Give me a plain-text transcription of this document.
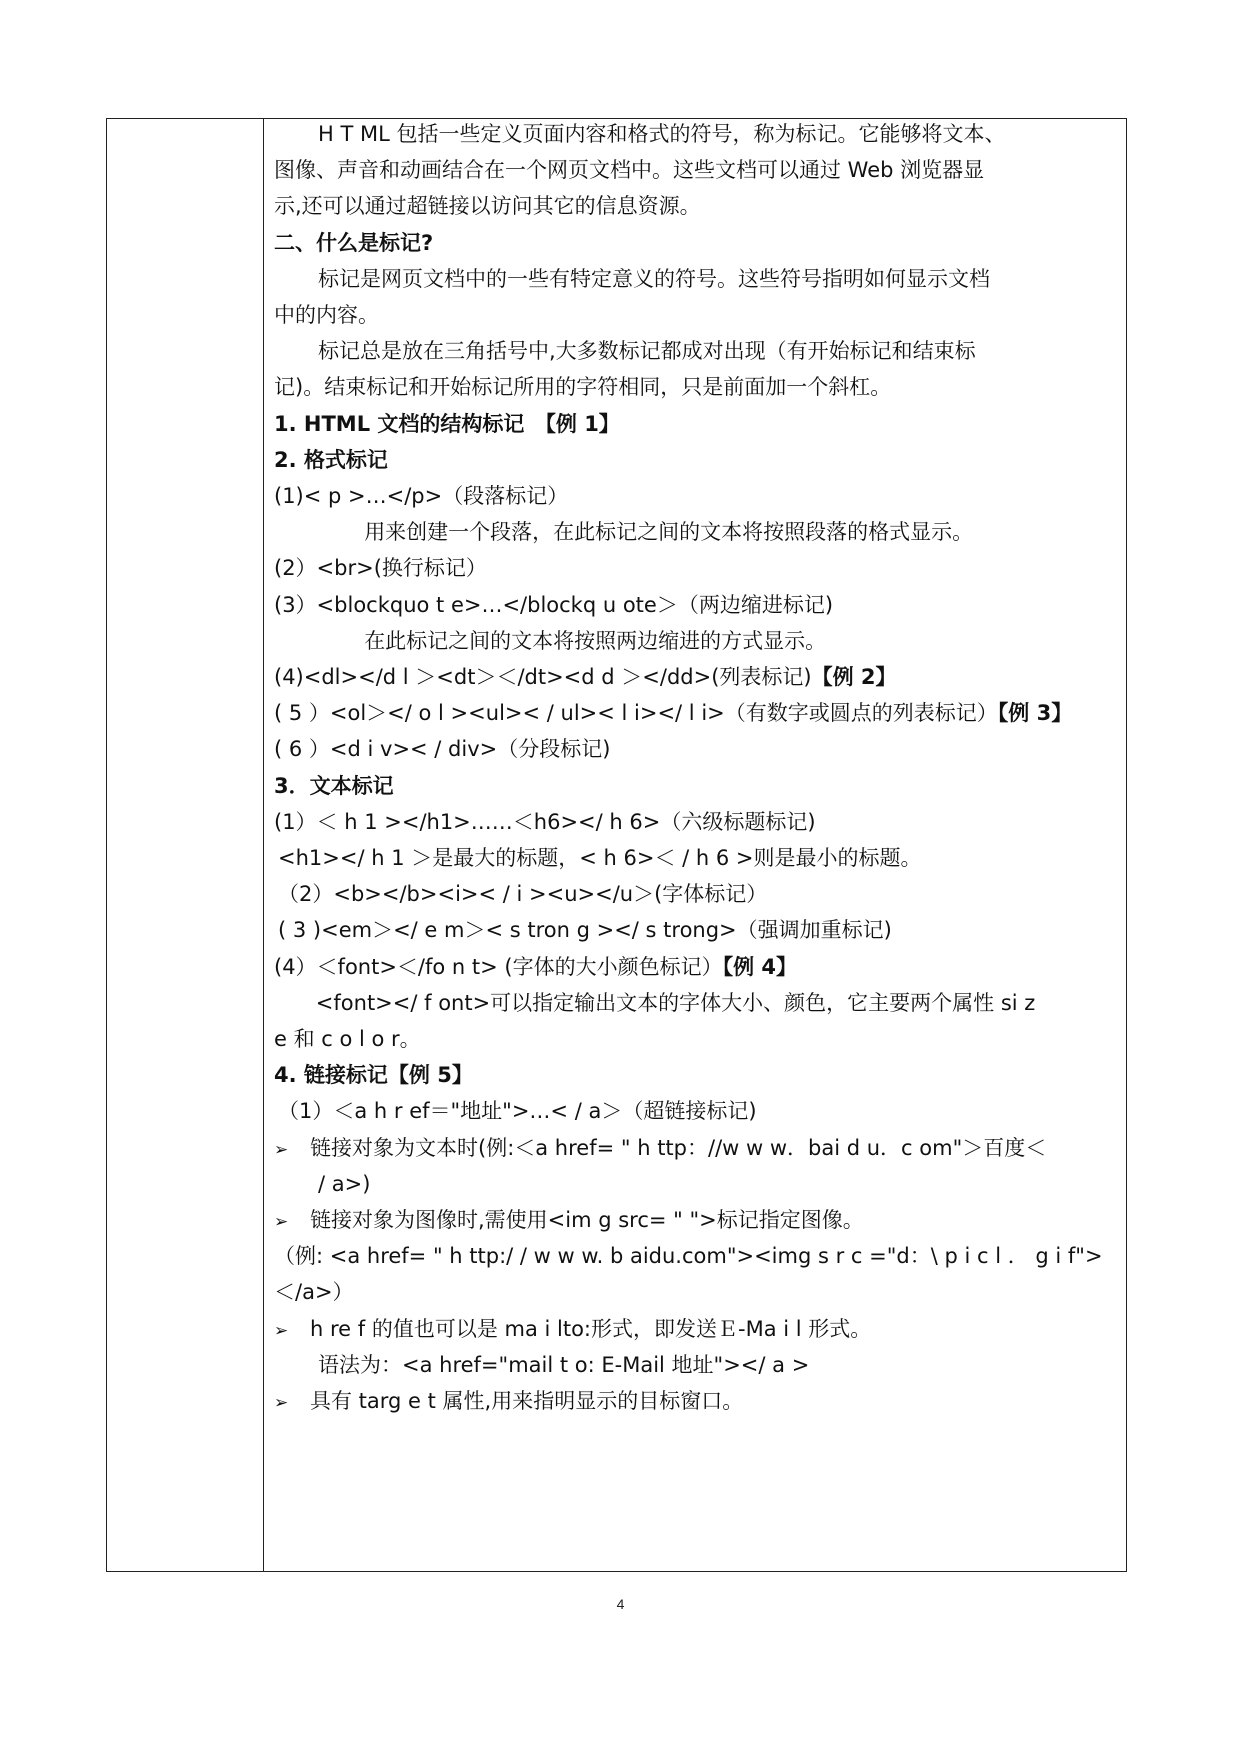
H T ML 包括一些定义页面内容和格式的符号，称为标记。它能够将文本、
图像、声音和动画结合在一个网页文档中。这些文档可以通过 Web 浏览器显
示,还可以通过超链接以访问其它的信息资源。
二、什么是标记?
标记是网页文档中的一些有特定意义的符号。这些符号指明如何显示文档
中的内容。
标记总是放在三角括号中,大多数标记都成对出现（有开始标记和结束标
记)。结束标记和开始标记所用的字符相同，只是前面加一个斜杠。
1. HTML 文档的结构标记　【例 1】
2. 格式标记
(1)< p >…</p>（段落标记）
用来创建一个段落，在此标记之间的文本将按照段落的格式显示。
(2）<br>(换行标记）
(3）<blockquo t e>…</blockq u ote＞（两边缩进标记)
在此标记之间的文本将按照两边缩进的方式显示。
(4)<dl></d l ＞<dt＞＜/dt><d d ＞</dd>(列表标记)【例 2】
( 5 ）<ol＞</ o l ><ul>< / ul>< l i></ l i>（有数字或圆点的列表标记）【例 3】
( 6 ）<d i v>< / div>（分段标记)
3．文本标记
(1）＜ h 1 ></h1>……＜h6></ h 6>（六级标题标记)
<h1></ h 1 ＞是最大的标题，< h 6>＜ / h 6 >则是最小的标题。
（2）<b></b><i>< / i ><u></u＞(字体标记）
( 3 )<em＞</ e m＞< s tron g ></ s trong>（强调加重标记)
(4）＜font>＜/fo n t> (字体的大小颜色标记）【例 4】
<font></ f ont>可以指定输出文本的字体大小、颜色，它主要两个属性 si z
e 和 c o l o r。
4. 链接标记【例 5】
（1）＜a h r ef＝"地址">…< / a＞（超链接标记)
➢ 链接对象为文本时(例:＜a href= " h ttp：//w w w．bai d u．c om"＞百度＜
/ a>)
➢ 链接对象为图像时,需使用<im g src= " ">标记指定图像。
（例: <a href= " h ttp:/ / w w w. b aidu.com"><img s r c ="d：\ p i c l ． g i f">
＜/a>）
➢ h re f 的值也可以是 ma i lto:形式，即发送Ｅ-Ma i l 形式。
语法为：<a href="mail t o: E-Mail 地址"></ a >
➢ 具有 targ e t 属性,用来指明显示的目标窗口。
4
